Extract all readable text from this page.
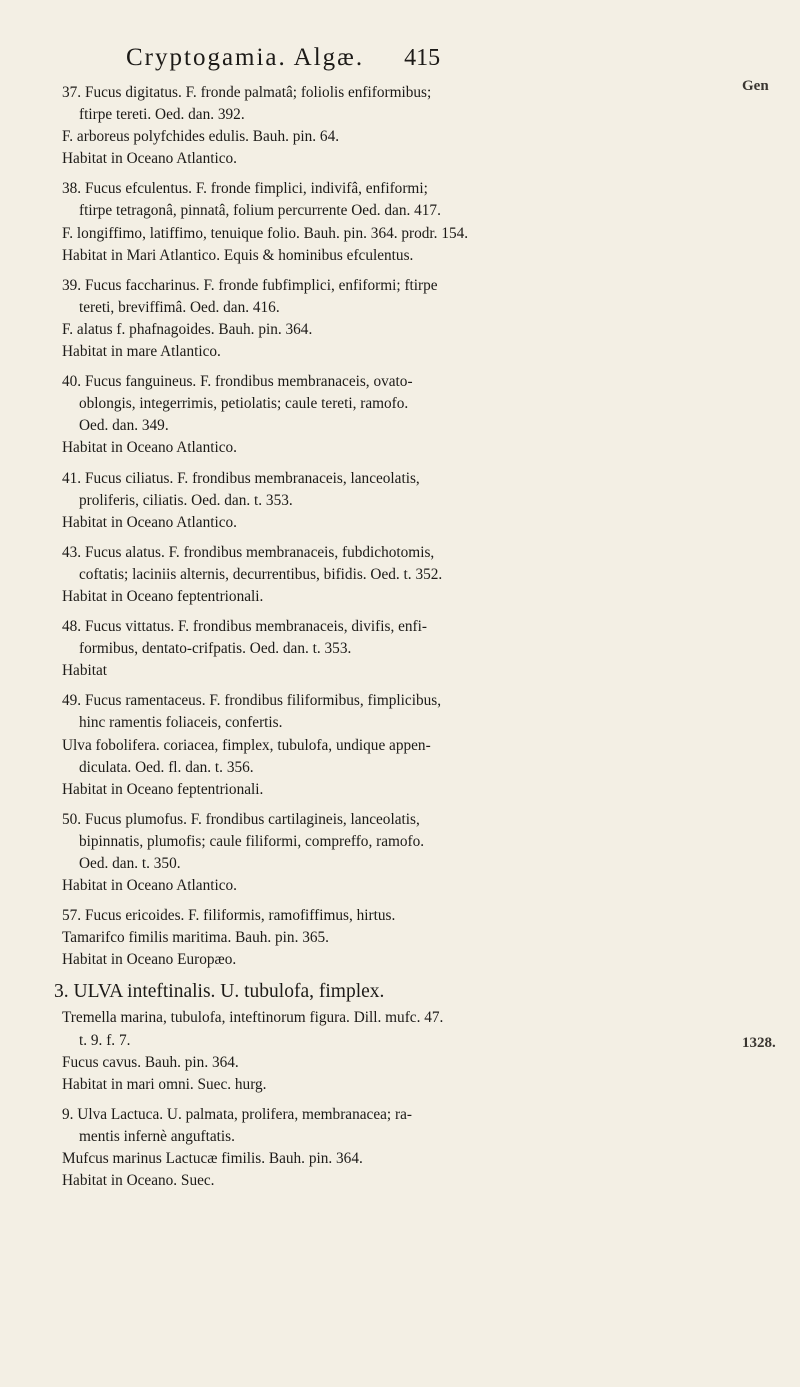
Cryptogamia. Algæ. 415
Gen
1328.
37. Fucus digitatus. F. fronde palmatâ; foliolis enfiformibus;
ftirpe tereti. Oed. dan. 392.
F. arboreus polyfchides edulis. Bauh. pin. 64.
Habitat in Oceano Atlantico.
38. Fucus efculentus. F. fronde fimplici, indivifâ, enfiformi;
ftirpe tetragonâ, pinnatâ, folium percurrente Oed. dan. 417.
F. longiffimo, latiffimo, tenuique folio. Bauh. pin. 364. prodr. 154.
Habitat in Mari Atlantico. Equis & hominibus efculentus.
39. Fucus faccharinus. F. fronde fubfimplici, enfiformi; ftirpe
tereti, breviffimâ. Oed. dan. 416.
F. alatus f. phafnagoides. Bauh. pin. 364.
Habitat in mare Atlantico.
40. Fucus fanguineus. F. frondibus membranaceis, ovato-
oblongis, integerrimis, petiolatis; caule tereti, ramofo.
Oed. dan. 349.
Habitat in Oceano Atlantico.
41. Fucus ciliatus. F. frondibus membranaceis, lanceolatis,
proliferis, ciliatis. Oed. dan. t. 353.
Habitat in Oceano Atlantico.
43. Fucus alatus. F. frondibus membranaceis, fubdichotomis,
coftatis; laciniis alternis, decurrentibus, bifidis. Oed. t. 352.
Habitat in Oceano feptentrionali.
48. Fucus vittatus. F. frondibus membranaceis, divifis, enfi-
formibus, dentato-crifpatis. Oed. dan. t. 353.
Habitat
49. Fucus ramentaceus. F. frondibus filiformibus, fimplicibus,
hinc ramentis foliaceis, confertis.
Ulva fobolifera. coriacea, fimplex, tubulofa, undique appen-
diculata. Oed. fl. dan. t. 356.
Habitat in Oceano feptentrionali.
50. Fucus plumofus. F. frondibus cartilagineis, lanceolatis,
bipinnatis, plumofis; caule filiformi, compreffo, ramofo.
Oed. dan. t. 350.
Habitat in Oceano Atlantico.
57. Fucus ericoides. F. filiformis, ramofiffimus, hirtus.
Tamarifco fimilis maritima. Bauh. pin. 365.
Habitat in Oceano Europæo.
3. ULVA inteftinalis. U. tubulofa, fimplex.
Tremella marina, tubulofa, inteftinorum figura. Dill. mufc. 47.
t. 9. f. 7.
Fucus cavus. Bauh. pin. 364.
Habitat in mari omni. Suec. hurg.
9. Ulva Lactuca. U. palmata, prolifera, membranacea; ra-
mentis infernè anguftatis.
Mufcus marinus Lactucæ fimilis. Bauh. pin. 364.
Habitat in Oceano. Suec.
